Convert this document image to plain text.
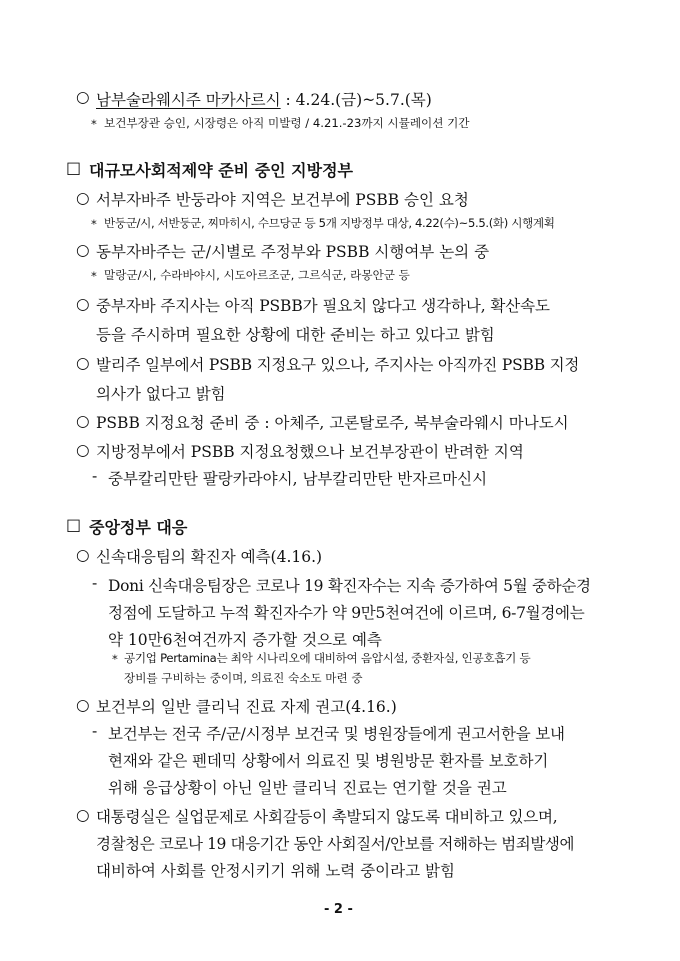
○ 남부술라웨시주 마카사르시 : 4.24.(금)~5.7.(목)
* 보건부장관 승인, 시장령은 아직 미발령 / 4.21.-23까지 시뮬레이션 기간
□ 대규모사회적제약 준비 중인 지방정부
○ 서부자바주 반둥라야 지역은 보건부에 PSBB 승인 요청
* 반둥군/시, 서반둥군, 찌마히시, 수므당군 등 5개 지방정부 대상, 4.22(수)~5.5.(화) 시행계획
○ 동부자바주는 군/시별로 주정부와 PSBB 시행여부 논의 중
* 말랑군/시, 수라바야시, 시도아르조군, 그르식군, 라몽안군 등
○ 중부자바 주지사는 아직 PSBB가 필요치 않다고 생각하나, 확산속도
등을 주시하며 필요한 상황에 대한 준비는 하고 있다고 밝힘
○ 발리주 일부에서 PSBB 지정요구 있으나, 주지사는 아직까진 PSBB 지정
의사가 없다고 밝힘
○ PSBB 지정요청 준비 중 : 아체주, 고론탈로주, 북부술라웨시 마나도시
○ 지방정부에서 PSBB 지정요청했으나 보건부장관이 반려한 지역
- 중부칼리만탄 팔랑카라야시, 남부칼리만탄 반자르마신시
□ 중앙정부 대응
○ 신속대응팀의 확진자 예측(4.16.)
- Doni 신속대응팀장은 코로나 19 확진자수는 지속 증가하여 5월 중하순경
정점에 도달하고 누적 확진자수가 약 9만5천여건에 이르며, 6-7월경에는
약 10만6천여건까지 증가할 것으로 예측
* 공기업 Pertamina는 최악 시나리오에 대비하여 음압시설, 중환자실, 인공호흡기 등
장비를 구비하는 중이며, 의료진 숙소도 마련 중
○ 보건부의 일반 클리닉 진료 자제 권고(4.16.)
- 보건부는 전국 주/군/시정부 보건국 및 병원장들에게 권고서한을 보내
현재와 같은 펜데믹 상황에서 의료진 및 병원방문 환자를 보호하기
위해 응급상황이 아닌 일반 클리닉 진료는 연기할 것을 권고
○ 대통령실은 실업문제로 사회갈등이 촉발되지 않도록 대비하고 있으며,
경찰청은 코로나 19 대응기간 동안 사회질서/안보를 저해하는 범죄발생에
대비하여 사회를 안정시키기 위해 노력 중이라고 밝힘
- 2 -
